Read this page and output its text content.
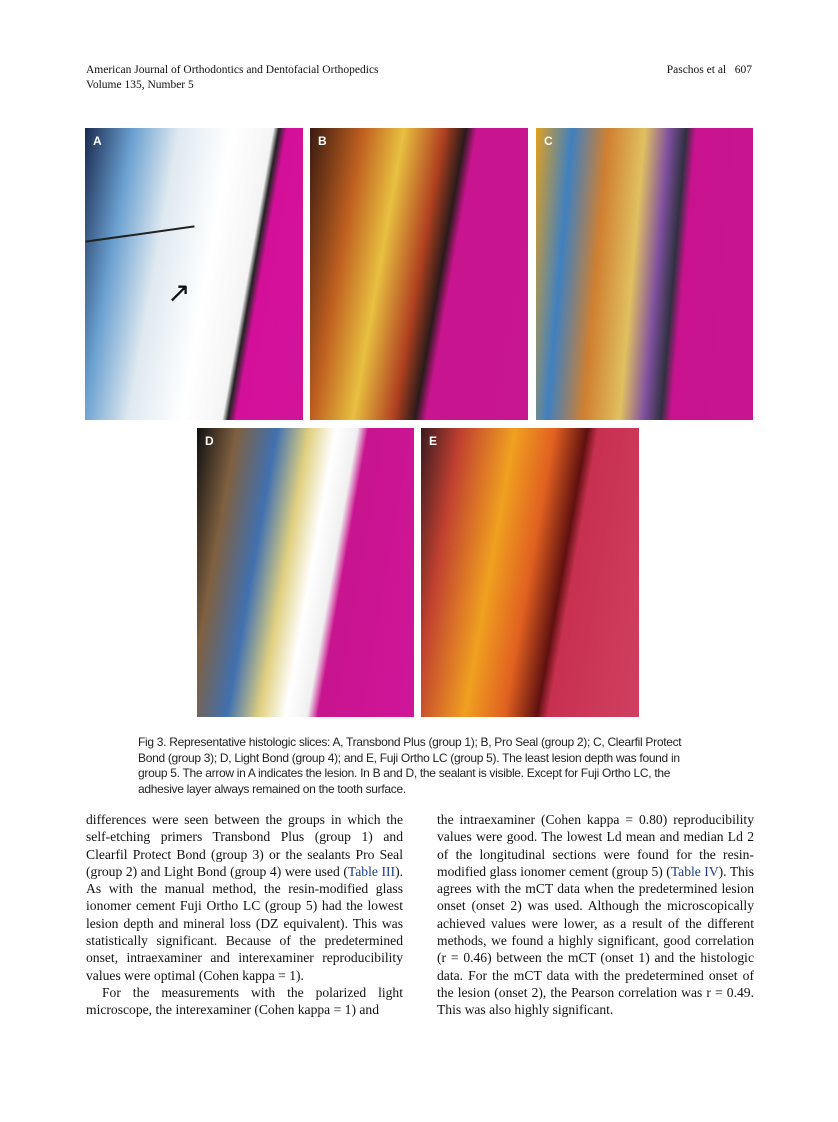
American Journal of Orthodontics and Dentofacial Orthopedics
Volume 135, Number 5
Paschos et al 607
A
↗
B	C
D	E
Fig 3. Representative histologic slices: A, Transbond Plus (group 1); B, Pro Seal (group 2); C, Clearfil Protect Bond (group 3); D, Light Bond (group 4); and E, Fuji Ortho LC (group 5). The least lesion depth was found in group 5. The arrow in A indicates the lesion. In B and D, the sealant is visible. Except for Fuji Ortho LC, the adhesive layer always remained on the tooth surface.

differences were seen between the groups in which the self-etching primers Transbond Plus (group 1) and Clearfil Protect Bond (group 3) or the sealants Pro Seal (group 2) and Light Bond (group 4) were used (Table III). As with the manual method, the resin-modified glass ionomer cement Fuji Ortho LC (group 5) had the lowest lesion depth and mineral loss (DZ equivalent). This was statistically significant. Because of the predetermined onset, intraexaminer and interexaminer reproducibility values were optimal (Cohen kappa = 1).

For the measurements with the polarized light microscope, the interexaminer (Cohen kappa = 1) and

the intraexaminer (Cohen kappa = 0.80) reproducibility values were good. The lowest Ld mean and median Ld 2 of the longitudinal sections were found for the resin-modified glass ionomer cement (group 5) (Table IV). This agrees with the mCT data when the predetermined lesion onset (onset 2) was used. Although the microscopically achieved values were lower, as a result of the different methods, we found a highly significant, good correlation (r = 0.46) between the mCT (onset 1) and the histologic data. For the mCT data with the predetermined onset of the lesion (onset 2), the Pearson correlation was r = 0.49. This was also highly significant.
